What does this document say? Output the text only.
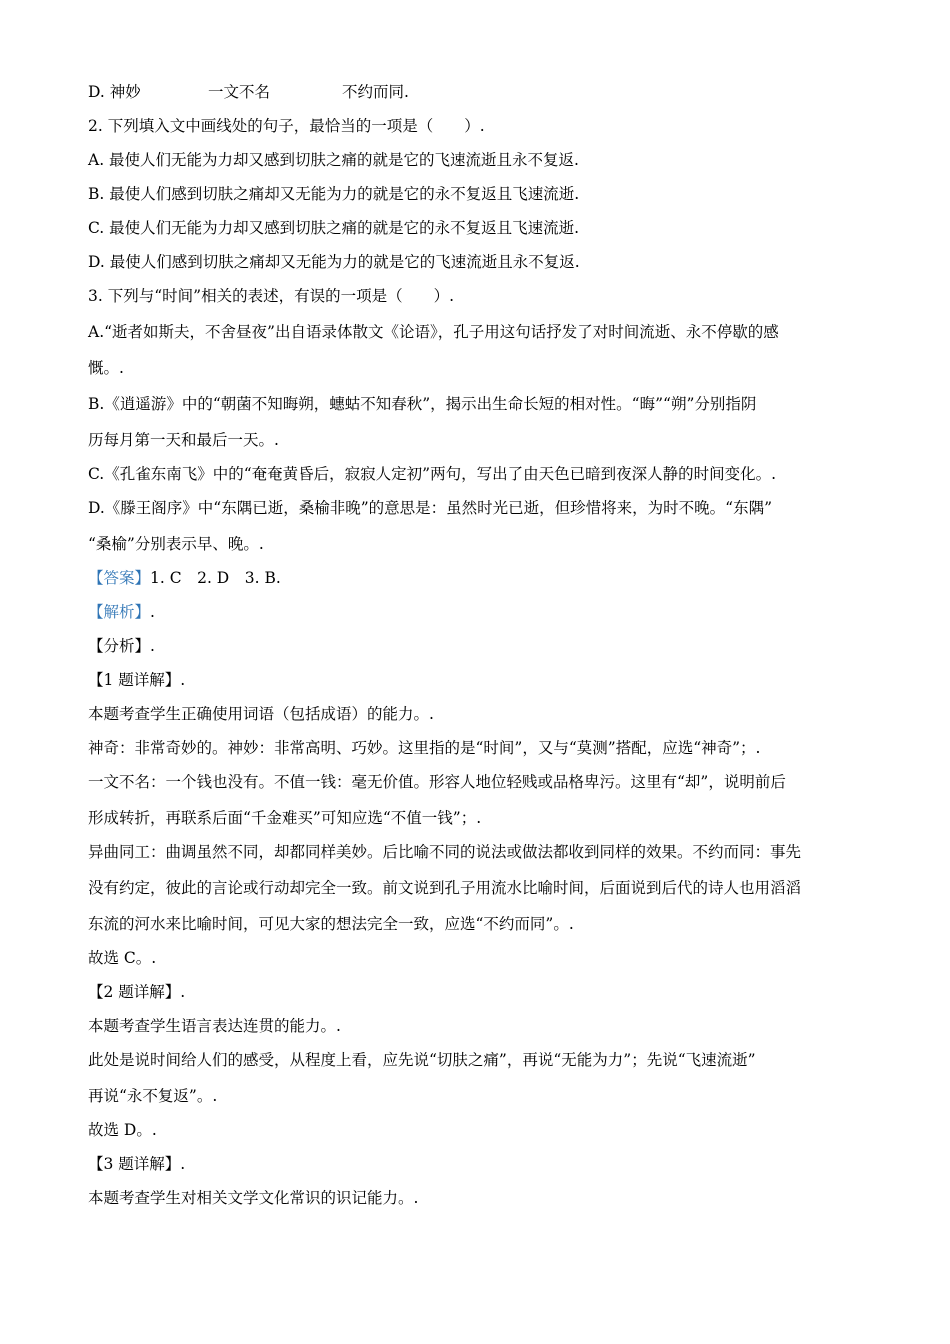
D. 神妙	一文不名	不约而同.
2. 下列填入文中画线处的句子，最恰当的一项是（　　）.
A. 最使人们无能为力却又感到切肤之痛的就是它的飞速流逝且永不复返.
B. 最使人们感到切肤之痛却又无能为力的就是它的永不复返且飞速流逝.
C. 最使人们无能为力却又感到切肤之痛的就是它的永不复返且飞速流逝.
D. 最使人们感到切肤之痛却又无能为力的就是它的飞速流逝且永不复返.
3. 下列与“时间”相关的表述，有误的一项是（　　）.
A.“逝者如斯夫，不舍昼夜”出自语录体散文《论语》，孔子用这句话抒发了对时间流逝、永不停歇的感
慨。.
B.《逍遥游》中的“朝菌不知晦朔，蟪蛄不知春秋”，揭示出生命长短的相对性。“晦”“朔”分别指阴
历每月第一天和最后一天。.
C.《孔雀东南飞》中的“奄奄黄昏后，寂寂人定初”两句，写出了由天色已暗到夜深人静的时间变化。.
D.《滕王阁序》中“东隅已逝，桑榆非晚”的意思是：虽然时光已逝，但珍惜将来，为时不晚。“东隅”
“桑榆”分别表示早、晚。.
【答案】1. C　2. D　3. B.
【解析】.
【分析】.
【1 题详解】.
本题考查学生正确使用词语（包括成语）的能力。.
神奇：非常奇妙的。神妙：非常高明、巧妙。这里指的是“时间”，又与“莫测”搭配，应选“神奇”；.
一文不名：一个钱也没有。不值一钱：毫无价值。形容人地位轻贱或品格卑污。这里有“却”，说明前后
形成转折，再联系后面“千金难买”可知应选“不值一钱”；.
异曲同工：曲调虽然不同，却都同样美妙。后比喻不同的说法或做法都收到同样的效果。不约而同：事先
没有约定，彼此的言论或行动却完全一致。前文说到孔子用流水比喻时间，后面说到后代的诗人也用滔滔
东流的河水来比喻时间，可见大家的想法完全一致，应选“不约而同”。.
故选 C。.
【2 题详解】.
本题考查学生语言表达连贯的能力。.
此处是说时间给人们的感受，从程度上看，应先说“切肤之痛”，再说“无能为力”；先说“飞速流逝”
再说“永不复返”。.
故选 D。.
【3 题详解】.
本题考查学生对相关文学文化常识的识记能力。.
